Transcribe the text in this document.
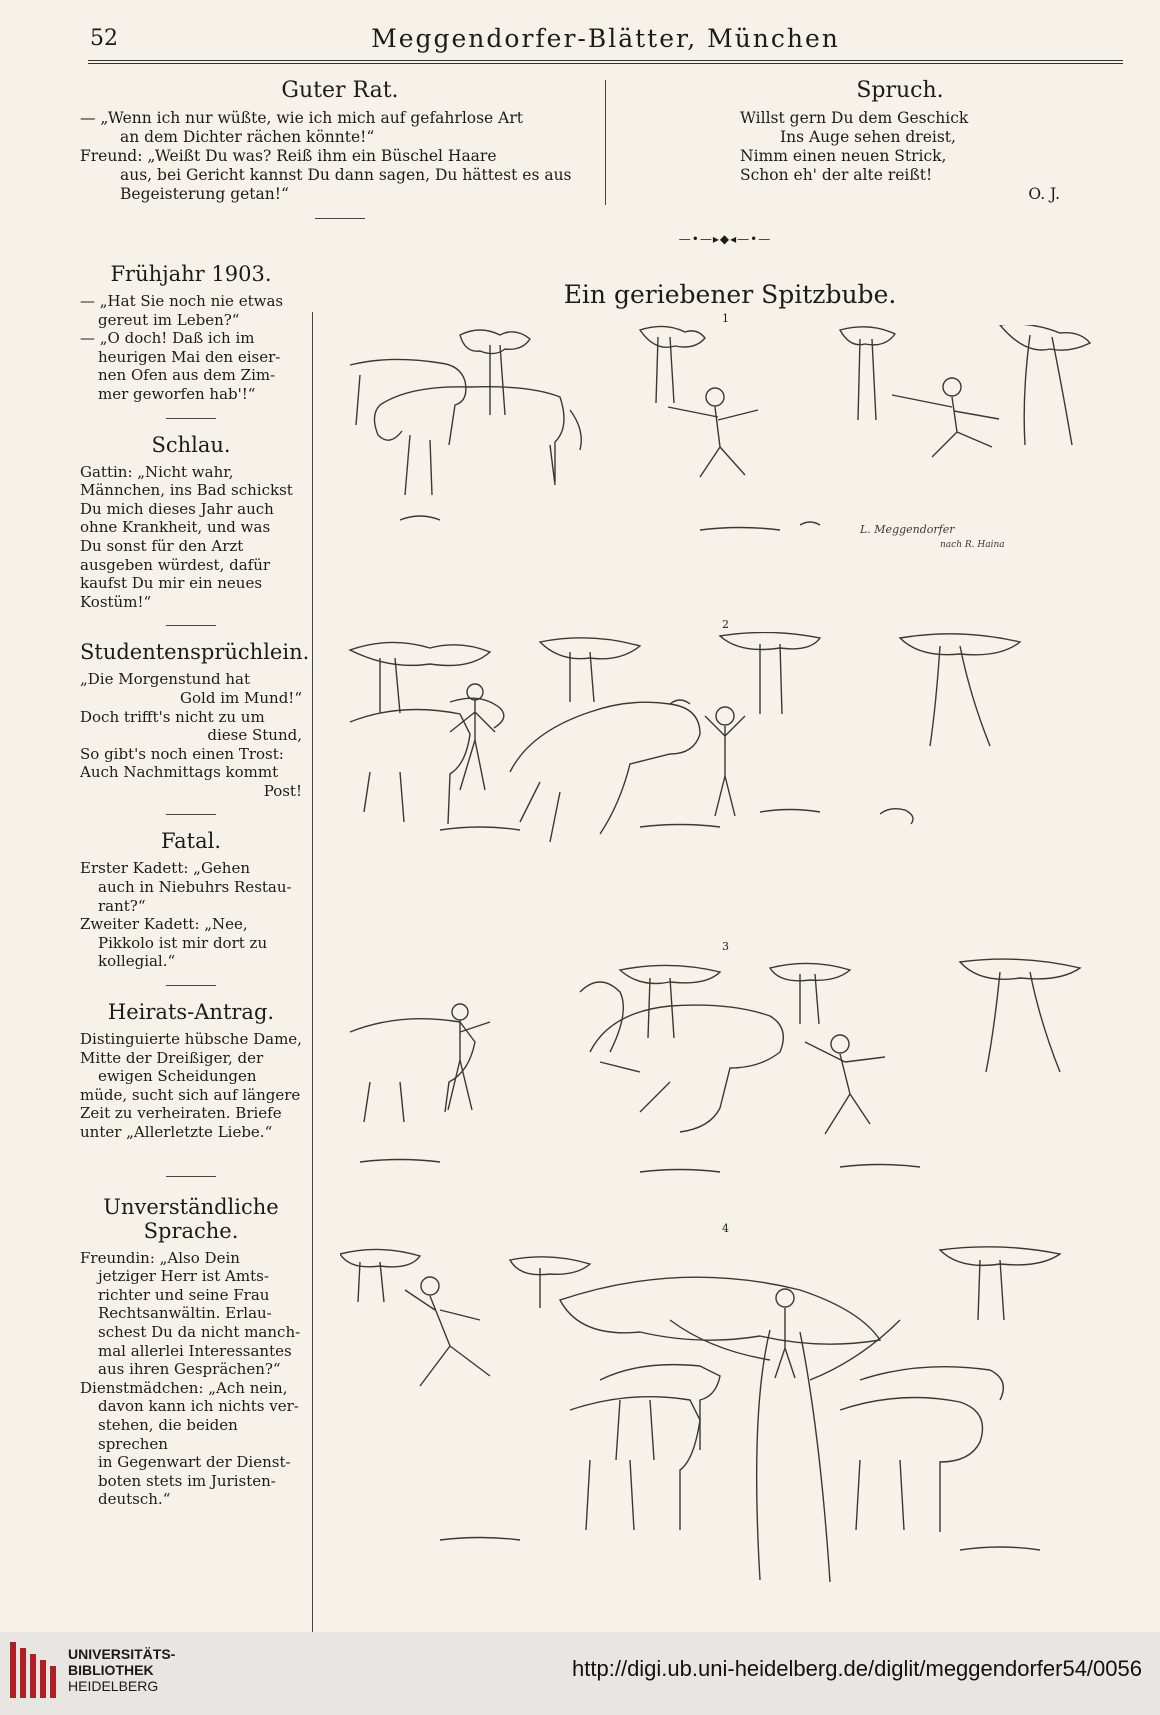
52	Meggendorfer-Blätter, München
Guter Rat.

— „Wenn ich nur wüßte, wie ich mich auf gefahrlose Art

an dem Dichter rächen könnte!“

Freund: „Weißt Du was? Reiß ihm ein Büschel Haare

aus, bei Gericht kannst Du dann sagen, Du hättest es aus

Begeisterung getan!“

Spruch.

Willst gern Du dem Geschick

Ins Auge sehen dreist,

Nimm einen neuen Strick,

Schon eh' der alte reißt!

O. J.

—•—▸◆◂—•—
Frühjahr 1903.

— „Hat Sie noch nie etwas

gereut im Leben?“

— „O doch! Daß ich im

heurigen Mai den eiser-

nen Ofen aus dem Zim-

mer geworfen hab'!“

Schlau.

Gattin: „Nicht wahr,

Männchen, ins Bad schickst

Du mich dieses Jahr auch

ohne Krankheit, und was

Du sonst für den Arzt

ausgeben würdest, dafür

kaufst Du mir ein neues

Kostüm!“

Studentensprüchlein.

„Die Morgenstund hat

Gold im Mund!“

Doch trifft's nicht zu um

diese Stund,

So gibt's noch einen Trost:

Auch Nachmittags kommt

Post!

Fatal.

Erster Kadett: „Gehen

auch in Niebuhrs Restau-

rant?“

Zweiter Kadett: „Nee,

Pikkolo ist mir dort zu

kollegial.“

Heirats-Antrag.

Distinguierte hübsche Dame,

Mitte der Dreißiger, der

ewigen Scheidungen

müde, sucht sich auf längere

Zeit zu verheiraten. Briefe

unter „Allerletzte Liebe.“

Unverständliche Sprache.

Freundin: „Also Dein

jetziger Herr ist Amts-

richter und seine Frau

Rechtsanwältin. Erlau-

schest Du da nicht manch-

mal allerlei Interessantes

aus ihren Gesprächen?“

Dienstmädchen: „Ach nein,

davon kann ich nichts ver-

stehen, die beiden sprechen

in Gegenwart der Dienst-

boten stets im Juristen-

deutsch.“

Ein geriebener Spitzbube.
1
L. Meggendorfer
nach R. Haina
2
3
4
UNIVERSITÄTS-
BIBLIOTHEK
HEIDELBERG
http://digi.ub.uni-heidelberg.de/diglit/meggendorfer54/0056
